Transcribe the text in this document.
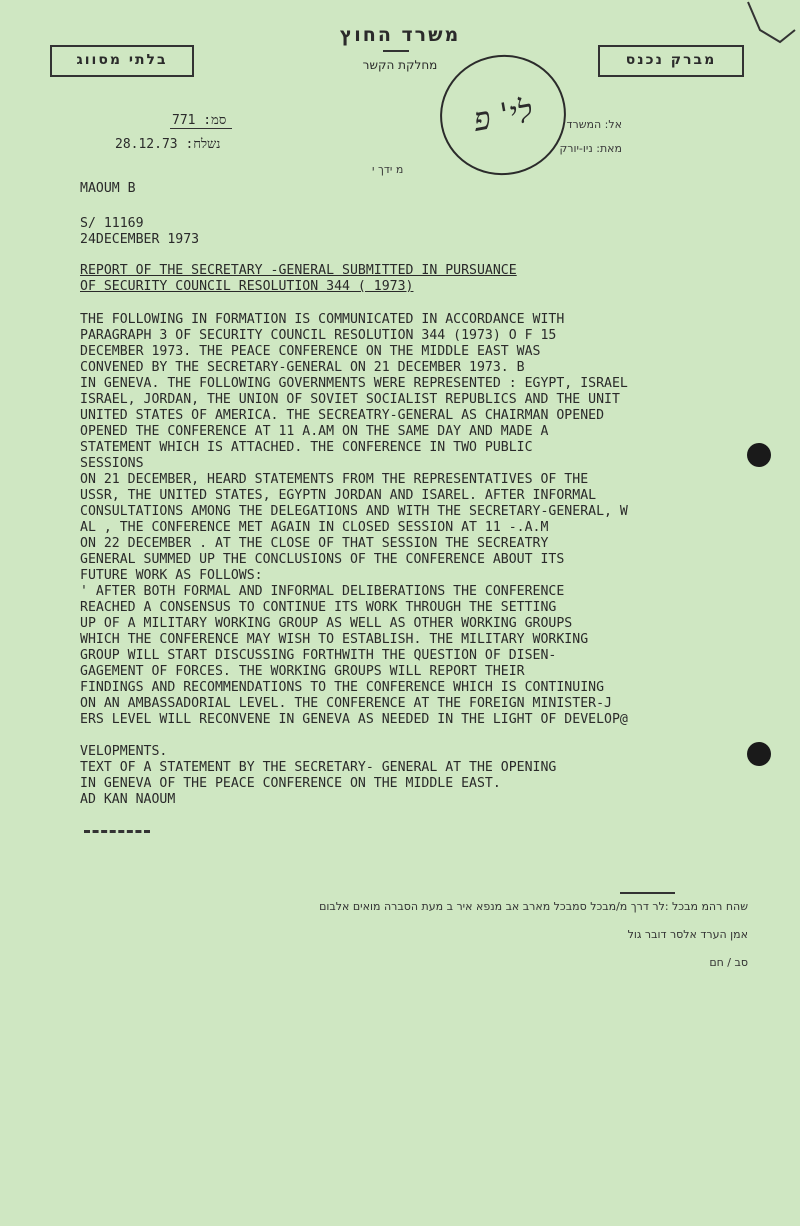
משרד החוץ
מחלקת הקשר
בלתי מסווג	מברק נכנס
771 :סמ
28.12.73 :נשלח
אל: המשרד
מאת: ניו-יורק
מ ידך י
לי' פ
MAOUM B
S/ 11169
24DECEMBER 1973
REPORT OF THE SECRETARY -GENERAL SUBMITTED IN PURSUANCE
OF SECURITY COUNCIL RESOLUTION 344 ( 1973)
THE FOLLOWING IN FORMATION IS COMMUNICATED IN ACCORDANCE WITH
PARAGRAPH 3 OF SECURITY COUNCIL RESOLUTION 344 (1973) O F 15
DECEMBER 1973. THE PEACE CONFERENCE ON THE MIDDLE EAST WAS
CONVENED BY THE SECRETARY-GENERAL ON 21 DECEMBER 1973. B
IN GENEVA. THE FOLLOWING GOVERNMENTS WERE REPRESENTED : EGYPT, ISRAEL
ISRAEL, JORDAN, THE UNION OF SOVIET SOCIALIST REPUBLICS AND THE UNIT
UNITED STATES OF AMERICA. THE SECREATRY-GENERAL AS CHAIRMAN OPENED
OPENED THE CONFERENCE AT 11 A.AM ON THE SAME DAY AND MADE A
STATEMENT WHICH IS ATTACHED. THE CONFERENCE IN TWO PUBLIC
SESSIONS
ON 21 DECEMBER, HEARD STATEMENTS FROM THE REPRESENTATIVES OF THE
USSR, THE UNITED STATES, EGYPTN JORDAN AND ISAREL. AFTER INFORMAL
CONSULTATIONS AMONG THE DELEGATIONS AND WITH THE SECRETARY-GENERAL, W
AL , THE CONFERENCE MET AGAIN IN CLOSED SESSION AT 11 -.A.M
ON 22 DECEMBER . AT THE CLOSE OF THAT SESSION THE SECREATRY
GENERAL SUMMED UP THE CONCLUSIONS OF THE CONFERENCE ABOUT ITS
FUTURE WORK AS FOLLOWS:
' AFTER BOTH FORMAL AND INFORMAL DELIBERATIONS THE CONFERENCE
REACHED A CONSENSUS TO CONTINUE ITS WORK THROUGH THE SETTING
UP OF A MILITARY WORKING GROUP AS WELL AS OTHER WORKING GROUPS
WHICH THE CONFERENCE MAY WISH TO ESTABLISH. THE MILITARY WORKING
GROUP WILL START DISCUSSING FORTHWITH THE QUESTION OF DISEN-
GAGEMENT OF FORCES. THE WORKING GROUPS WILL REPORT THEIR
FINDINGS AND RECOMMENDATIONS TO THE CONFERENCE WHICH IS CONTINUING
ON AN AMBASSADORIAL LEVEL. THE CONFERENCE AT THE FOREIGN MINISTER-J
ERS LEVEL WILL RECONVENE IN GENEVA AS NEEDED IN THE LIGHT OF DEVELOP@
VELOPMENTS.
TEXT OF A STATEMENT BY THE SECRETARY- GENERAL AT THE OPENING
IN GENEVA OF THE PEACE CONFERENCE ON THE MIDDLE EAST.
AD KAN NAOUM
שהח רהמ מבכל ‏:ל‏ר ד‏רך מ/מבכל סמבכל מארב אב מנפא איר ב מעת הסברה מואים אלבום
אמן הערד אלסר דובר גול
סב / חם
